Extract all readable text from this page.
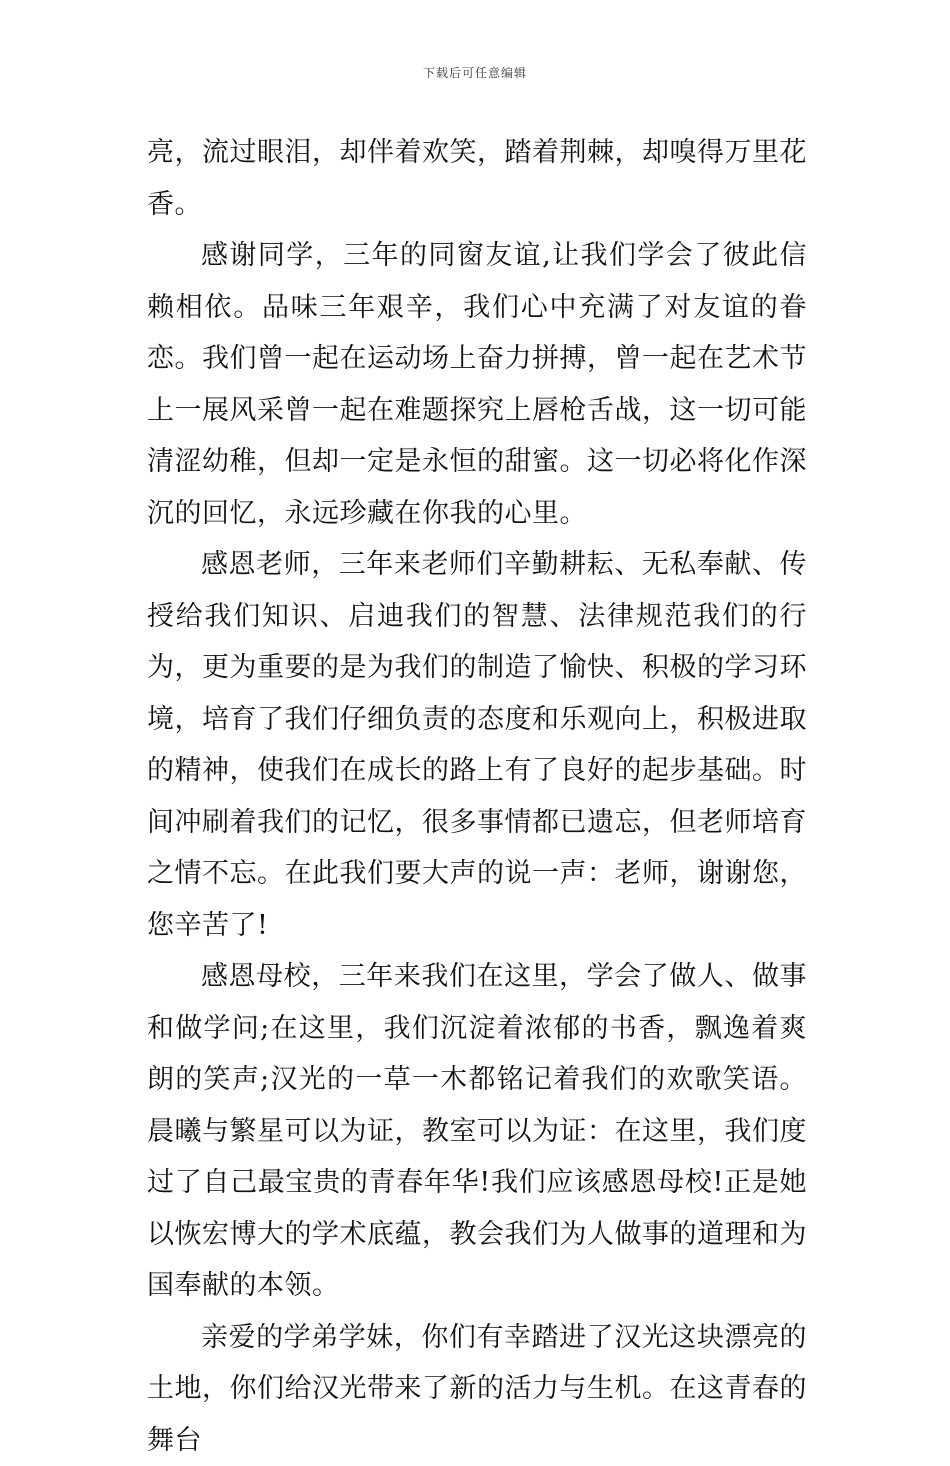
下载后可任意编辑

亮，流过眼泪，却伴着欢笑，踏着荆棘，却嗅得万里花香。

感谢同学，三年的同窗友谊,让我们学会了彼此信赖相依。品味三年艰辛，我们心中充满了对友谊的眷恋。我们曾一起在运动场上奋力拼搏，曾一起在艺术节上一展风采曾一起在难题探究上唇枪舌战，这一切可能清涩幼稚，但却一定是永恒的甜蜜。这一切必将化作深沉的回忆，永远珍藏在你我的心里。

感恩老师，三年来老师们辛勤耕耘、无私奉献、传授给我们知识、启迪我们的智慧、法律规范我们的行为，更为重要的是为我们的制造了愉快、积极的学习环境，培育了我们仔细负责的态度和乐观向上，积极进取的精神，使我们在成长的路上有了良好的起步基础。时间冲刷着我们的记忆，很多事情都已遗忘，但老师培育之情不忘。在此我们要大声的说一声：老师，谢谢您，您辛苦了!

感恩母校，三年来我们在这里，学会了做人、做事和做学问;在这里，我们沉淀着浓郁的书香，飘逸着爽朗的笑声;汉光的一草一木都铭记着我们的欢歌笑语。晨曦与繁星可以为证，教室可以为证：在这里，我们度过了自己最宝贵的青春年华!我们应该感恩母校!正是她以恢宏博大的学术底蕴，教会我们为人做事的道理和为国奉献的本领。

亲爱的学弟学妹，你们有幸踏进了汉光这块漂亮的土地，你们给汉光带来了新的活力与生机。在这青春的舞台
